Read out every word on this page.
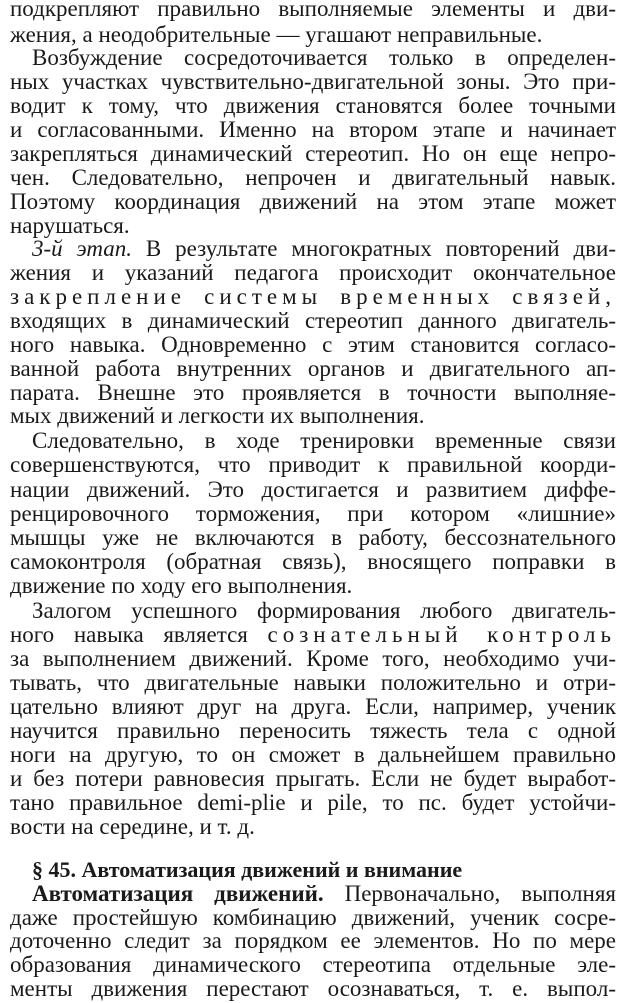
подкрепляют правильно выполняемые элементы и дви-
жения, а неодобрительные — угашают неправильные.
Возбуждение сосредоточивается только в определен-
ных участках чувствительно-двигательной зоны. Это при-
водит к тому, что движения становятся более точными
и согласованными. Именно на втором этапе и начинает
закрепляться динамический стереотип. Но он еще непро-
чен. Следовательно, непрочен и двигательный навык.
Поэтому координация движений на этом этапе может
нарушаться.
3-й этап. В результате многократных повторений дви-
жения и указаний педагога происходит окончательное
закрепление системы временных связей,
входящих в динамический стереотип данного двигатель-
ного навыка. Одновременно с этим становится согласо-
ванной работа внутренних органов и двигательного ап-
парата. Внешне это проявляется в точности выполняе-
мых движений и легкости их выполнения.
Следовательно, в ходе тренировки временные связи
совершенствуются, что приводит к правильной коорди-
нации движений. Это достигается и развитием диффе-
ренцировочного торможения, при котором «лишние»
мышцы уже не включаются в работу, бессознательного
самоконтроля (обратная связь), вносящего поправки в
движение по ходу его выполнения.
Залогом успешного формирования любого двигатель-
ного навыка является сознательный контроль
за выполнением движений. Кроме того, необходимо учи-
тывать, что двигательные навыки положительно и отри-
цательно влияют друг на друга. Если, например, ученик
научится правильно переносить тяжесть тела с одной
ноги на другую, то он сможет в дальнейшем правильно
и без потери равновесия прыгать. Если не будет выработ-
тано правильное demi-plie и pile, то пс. будет устойчи-
вости на середине, и т. д.
§ 45. Автоматизация движений и внимание
Автоматизация движений. Первоначально, выполняя
даже простейшую комбинацию движений, ученик сосре-
доточенно следит за порядком ее элементов. Но по мере
образования динамического стереотипа отдельные эле-
менты движения перестают осознаваться, т. е. выпол-
